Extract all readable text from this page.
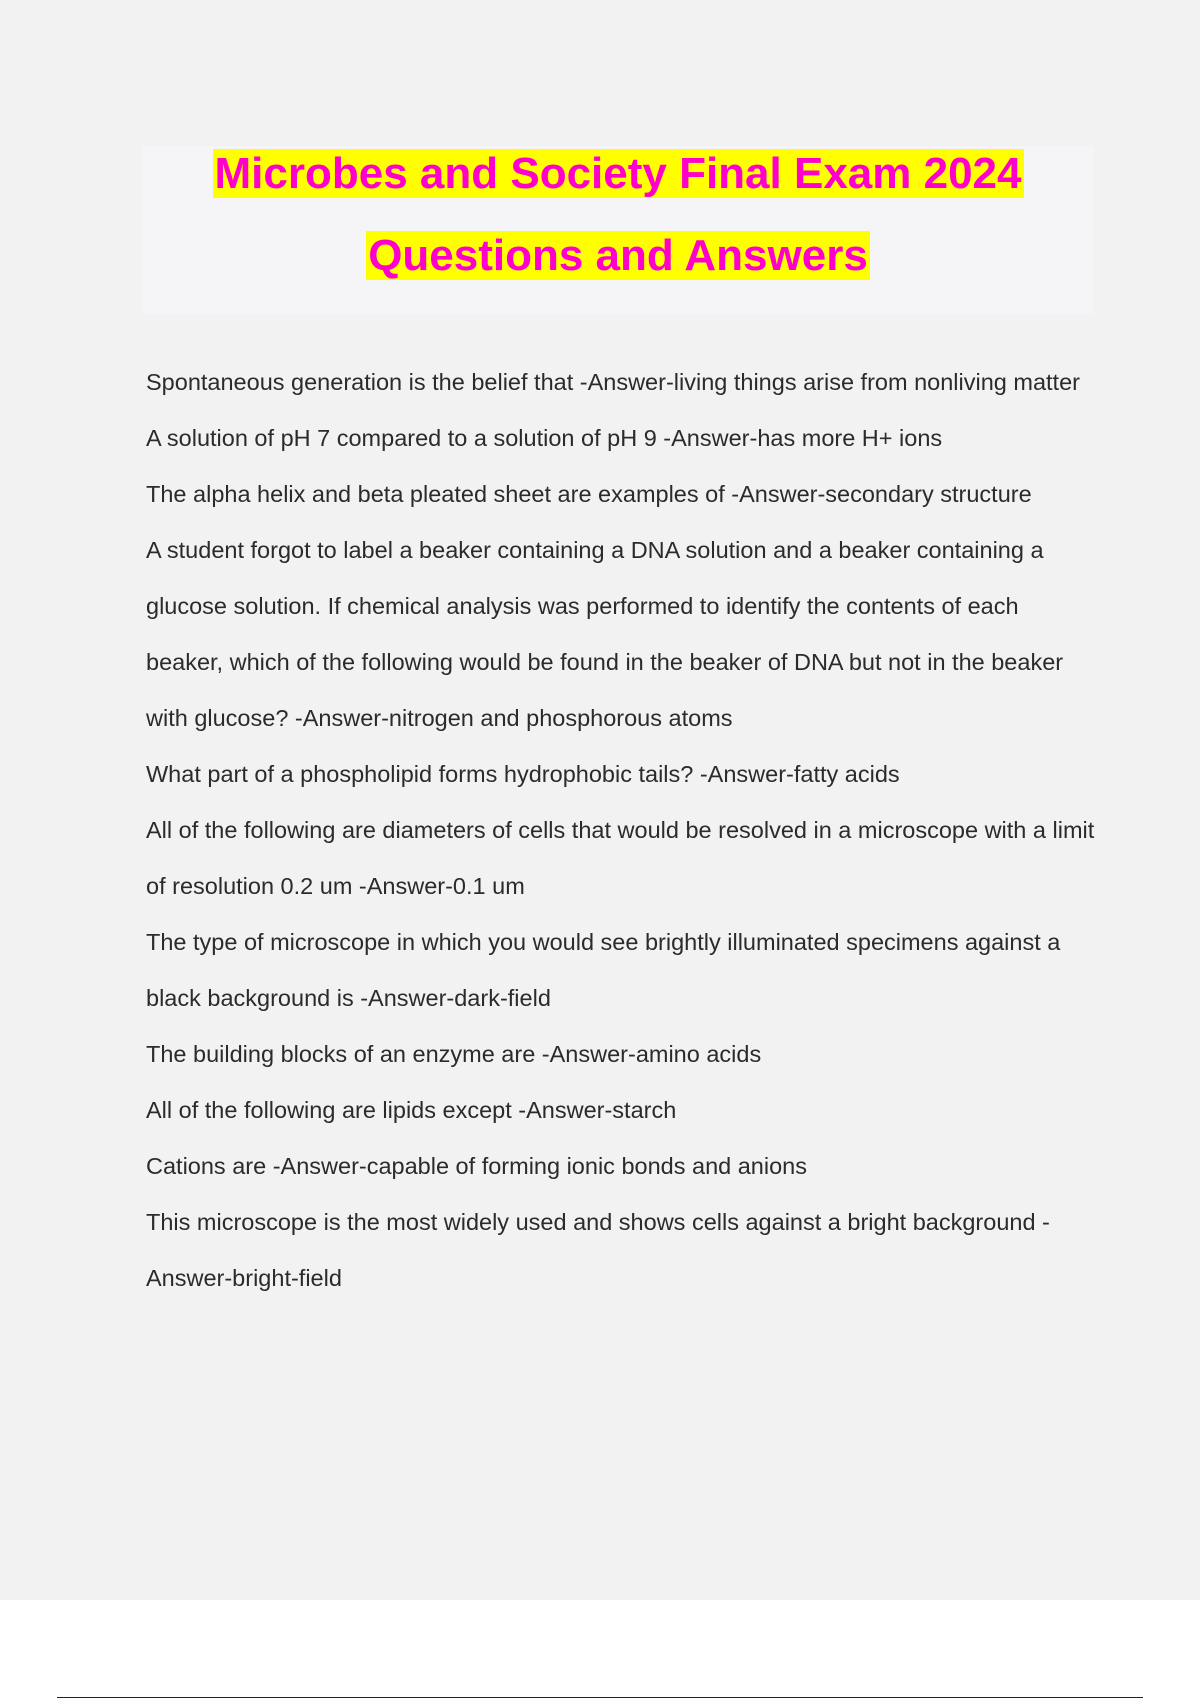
Microbes and Society Final Exam 2024
Questions and Answers

Spontaneous generation is the belief that -Answer-living things arise from nonliving matter

A solution of pH 7 compared to a solution of pH 9 -Answer-has more H+ ions

The alpha helix and beta pleated sheet are examples of -Answer-secondary structure

A student forgot to label a beaker containing a DNA solution and a beaker containing a glucose solution. If chemical analysis was performed to identify the contents of each beaker, which of the following would be found in the beaker of DNA but not in the beaker with glucose? -Answer-nitrogen and phosphorous atoms

What part of a phospholipid forms hydrophobic tails? -Answer-fatty acids

All of the following are diameters of cells that would be resolved in a microscope with a limit of resolution 0.2 um -Answer-0.1 um

The type of microscope in which you would see brightly illuminated specimens against a black background is -Answer-dark-field

The building blocks of an enzyme are -Answer-amino acids

All of the following are lipids except -Answer-starch

Cations are -Answer-capable of forming ionic bonds and anions

This microscope is the most widely used and shows cells against a bright background - Answer-bright-field
